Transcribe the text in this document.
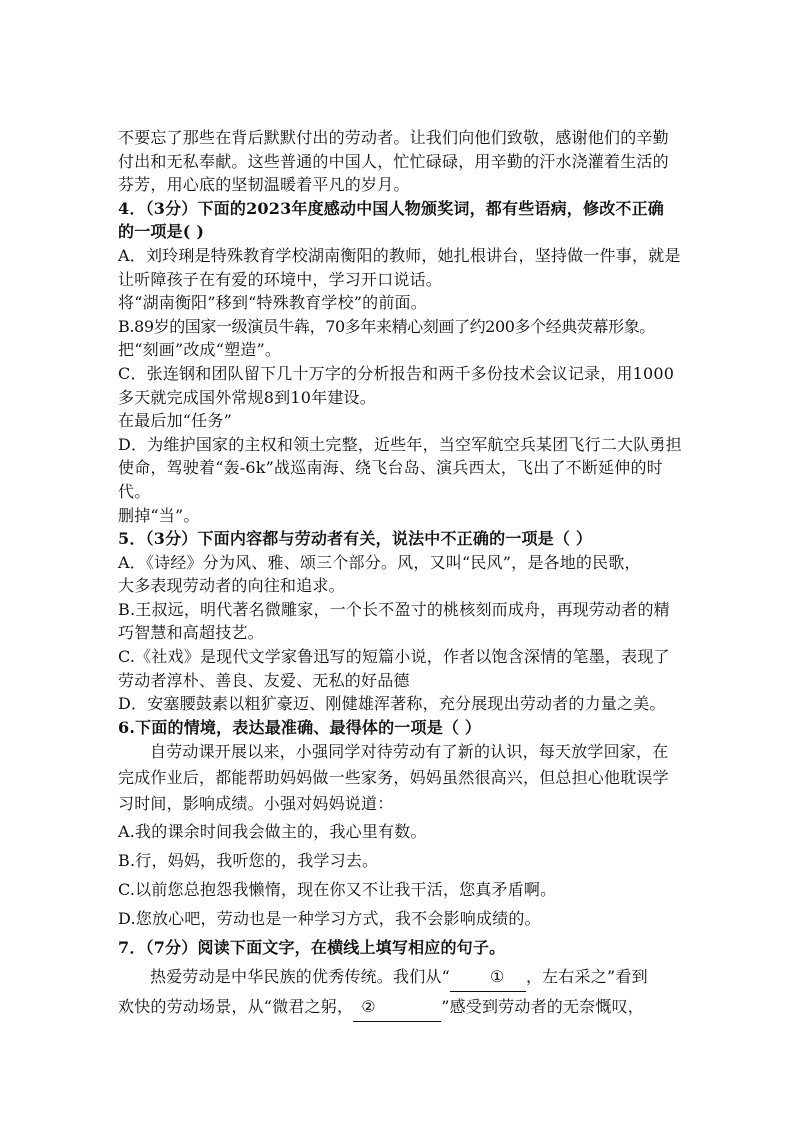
不要忘了那些在背后默默付出的劳动者。让我们向他们致敬，感谢他们的辛勤

付出和无私奉献。这些普通的中国人，忙忙碌碌，用辛勤的汗水浇灌着生活的

芬芳，用心底的坚韧温暖着平凡的岁月。

4．（3分）下面的2023年度感动中国人物颁奖词，都有些语病，修改不正确

的一项是( )

A．刘玲琍是特殊教育学校湖南衡阳的教师，她扎根讲台，坚持做一件事，就是

让听障孩子在有爱的环境中，学习开口说话。

将“湖南衡阳”移到“特殊教育学校”的前面。

B.89岁的国家一级演员牛犇，70多年来精心刻画了约200多个经典荧幕形象。

把“刻画”改成“塑造”。

C．张连钢和团队留下几十万字的分析报告和两千多份技术会议记录，用1000

多天就完成国外常规8到10年建设。

在最后加“任务”

D．为维护国家的主权和领土完整，近些年，当空军航空兵某团飞行二大队勇担

使命，驾驶着“轰-6k”战巡南海、绕飞台岛、演兵西太，飞出了不断延伸的时

代。

删掉“当”。

5．（3分）下面内容都与劳动者有关，说法中不正确的一项是（ ）

A．《诗经》分为风、雅、颂三个部分。风，又叫“民风”，是各地的民歌，

大多表现劳动者的向往和追求。

B.王叔远，明代著名微雕家，一个长不盈寸的桃核刻而成舟，再现劳动者的精

巧智慧和高超技艺。

C.《社戏》是现代文学家鲁迅写的短篇小说，作者以饱含深情的笔墨，表现了

劳动者淳朴、善良、友爱、无私的好品德

D．安塞腰鼓素以粗犷豪迈、刚健雄浑著称，充分展现出劳动者的力量之美。

6.下面的情境，表达最准确、最得体的一项是（ ）

自劳动课开展以来，小强同学对待劳动有了新的认识，每天放学回家，在

完成作业后，都能帮助妈妈做一些家务，妈妈虽然很高兴，但总担心他耽误学

习时间，影响成绩。小强对妈妈说道：

A.我的课余时间我会做主的，我心里有数。

B.行，妈妈，我听您的，我学习去。

C.以前您总抱怨我懒惰，现在你又不让我干活，您真矛盾啊。

D.您放心吧，劳动也是一种学习方式，我不会影响成绩的。

7．（7分）阅读下面文字，在横线上填写相应的句子。

热爱劳动是中华民族的优秀传统。我们从“	① ，左右采之”看到

欢快的劳动场景，从“微君之躬， ②	”感受到劳动者的无奈慨叹，
